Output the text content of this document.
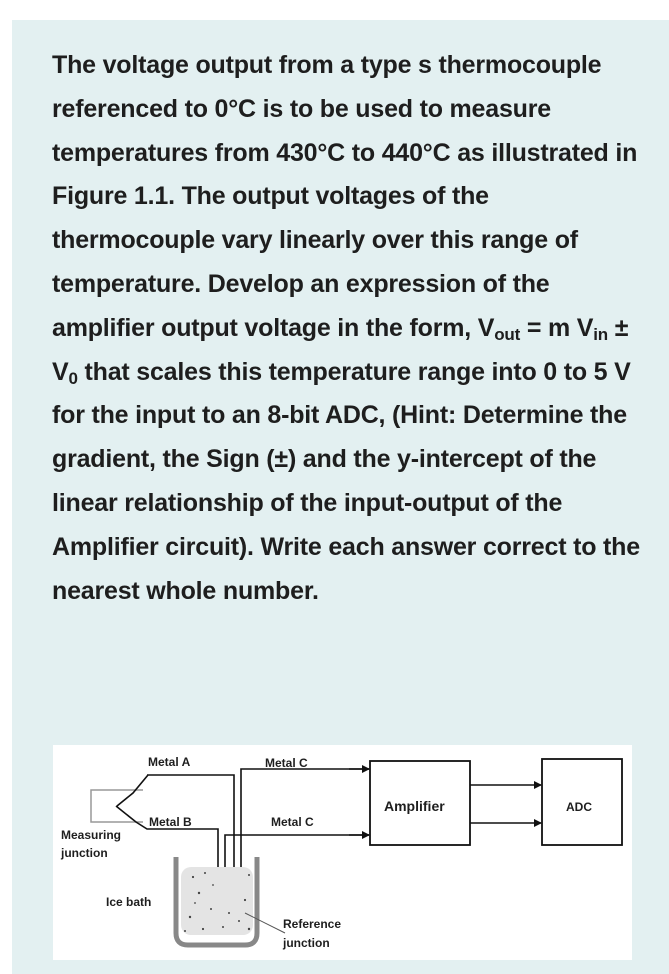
The voltage output from a type s thermocouple referenced to 0°C is to be used to measure temperatures from 430°C to 440°C as illustrated in Figure 1.1. The output voltages of the thermocouple vary linearly over this range of temperature. Develop an expression of the amplifier output voltage in the form, $V_{out} = m$ $V_{in} \pm V_0$ that scales this temperature range into 0 to 5 V for the input to an 8-bit ADC, (Hint: Determine the gradient, the Sign (±) and the y-intercept of the linear relationship of the input-output of the Amplifier circuit). Write each answer correct to the nearest whole number.
Metal A	Metal C
Metal B	Metal C
Measuring
junction
Ice bath
Reference
junction
Amplifier	ADC
